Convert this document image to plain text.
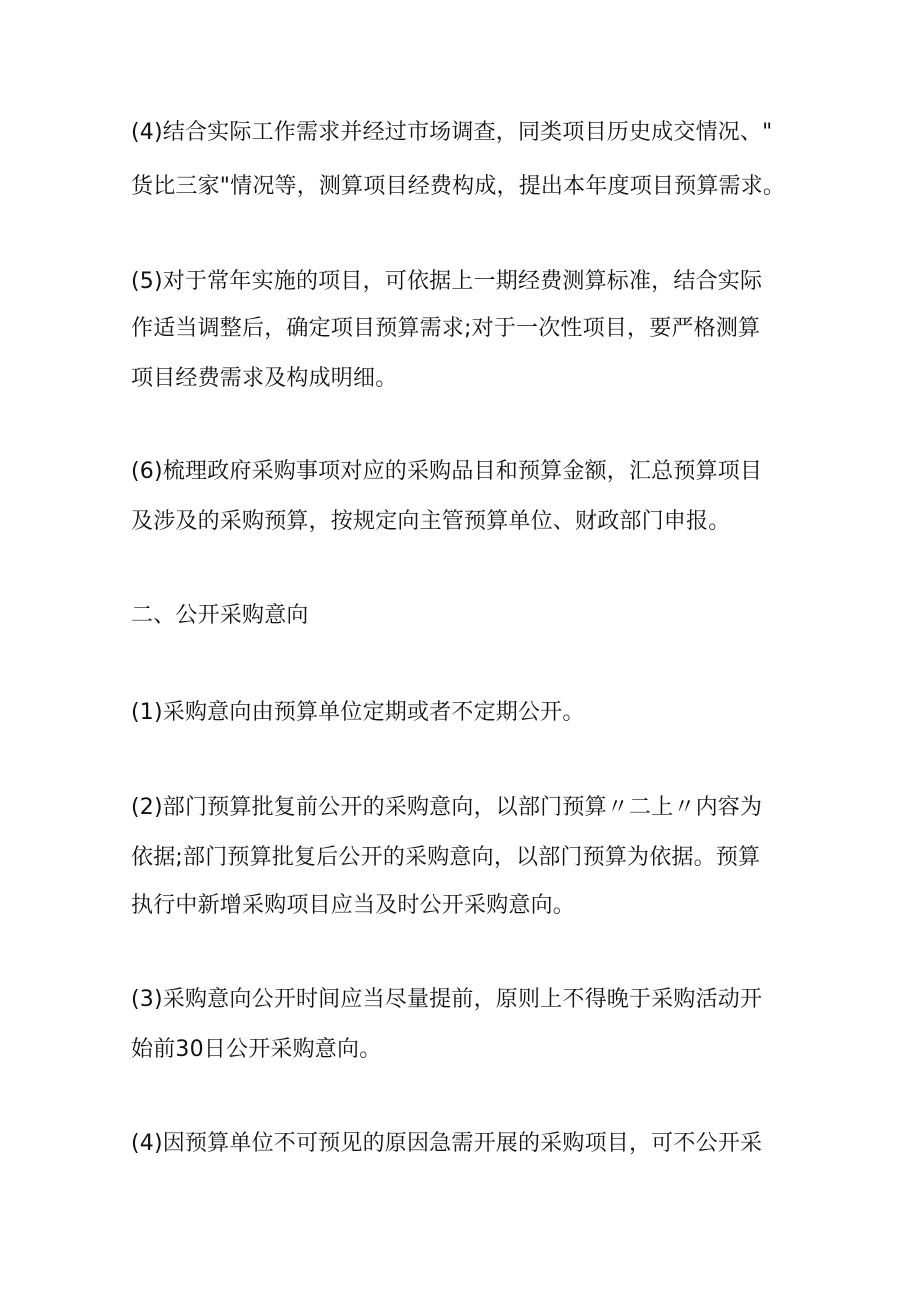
(4)结合实际工作需求并经过市场调查，同类项目历史成交情况、"
货比三家"情况等，测算项目经费构成，提出本年度项目预算需求。
(5)对于常年实施的项目，可依据上一期经费测算标准，结合实际
作适当调整后，确定项目预算需求;对于一次性项目，要严格测算
项目经费需求及构成明细。
(6)梳理政府采购事项对应的采购品目和预算金额，汇总预算项目
及涉及的采购预算，按规定向主管预算单位、财政部门申报。
二、公开采购意向
(1)采购意向由预算单位定期或者不定期公开。
(2)部门预算批复前公开的采购意向，以部门预算〃二上〃内容为
依据;部门预算批复后公开的采购意向，以部门预算为依据。预算
执行中新增采购项目应当及时公开采购意向。
(3)采购意向公开时间应当尽量提前，原则上不得晚于采购活动开
始前30日公开采购意向。
(4)因预算单位不可预见的原因急需开展的采购项目，可不公开采
